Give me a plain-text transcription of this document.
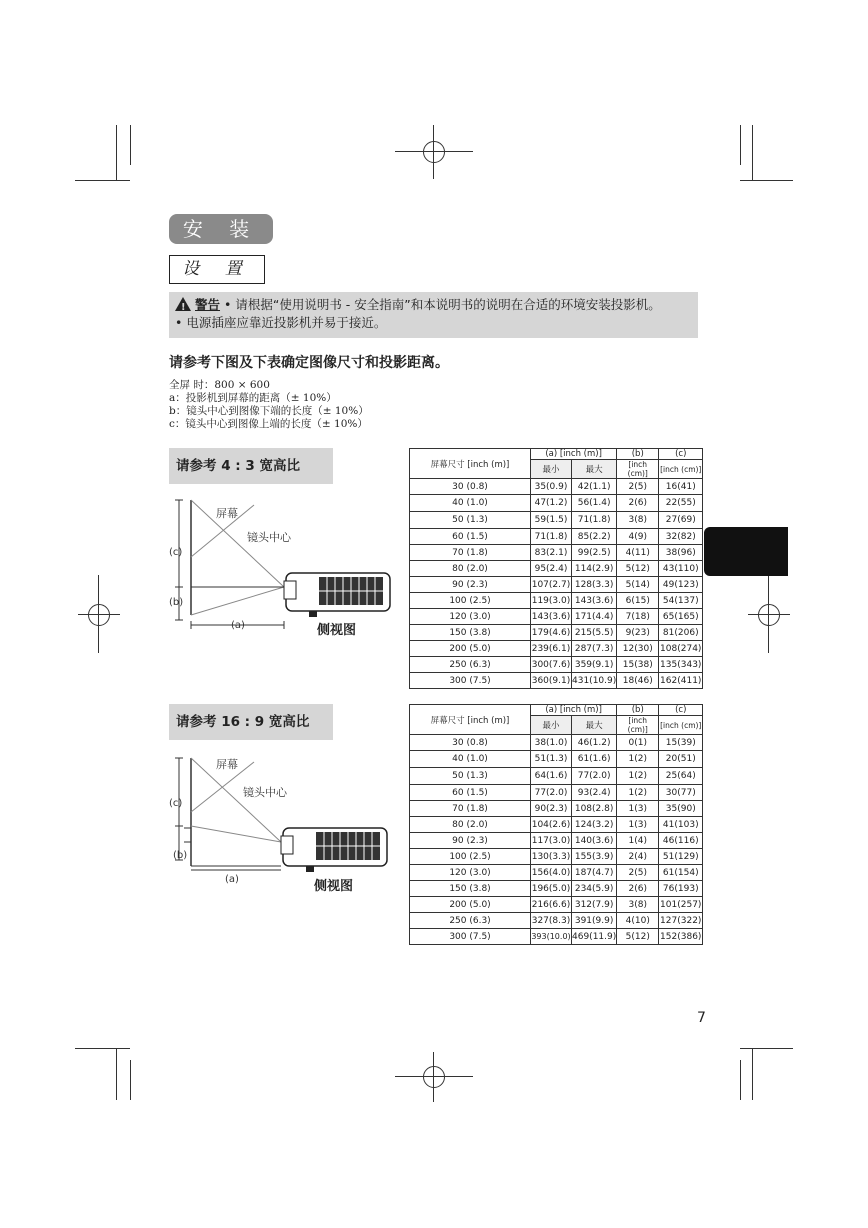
安 装
设 置
!警告 • 请根据“使用说明书 - 安全指南”和本说明书的说明在合适的环境安装投影机。
• 电源插座应靠近投影机并易于接近。
请参考下图及下表确定图像尺寸和投影距离。
全屏 时：800 × 600
a：投影机到屏幕的距离（± 10%）
b：镜头中心到图像下端的长度（± 10%）
c：镜头中心到图像上端的长度（± 10%）
请参考 4 : 3 宽高比
屏幕
镜头中心
(c)
(b)
(a)	侧视图
屏幕尺寸 [inch (m)]	(a) [inch (m)]		(b)	(c)
	最小	最大	[inch (cm)]	[inch (cm)]
30 (0.8)	35(0.9)	42(1.1)	2(5)	16(41)
40 (1.0)	47(1.2)	56(1.4)	2(6)	22(55)
50 (1.3)	59(1.5)	71(1.8)	3(8)	27(69)
60 (1.5)	71(1.8)	85(2.2)	4(9)	32(82)
70 (1.8)	83(2.1)	99(2.5)	4(11)	38(96)
80 (2.0)	95(2.4)	114(2.9)	5(12)	43(110)
90 (2.3)	107(2.7)	128(3.3)	5(14)	49(123)
100 (2.5)	119(3.0)	143(3.6)	6(15)	54(137)
120 (3.0)	143(3.6)	171(4.4)	7(18)	65(165)
150 (3.8)	179(4.6)	215(5.5)	9(23)	81(206)
200 (5.0)	239(6.1)	287(7.3)	12(30)	108(274)
250 (6.3)	300(7.6)	359(9.1)	15(38)	135(343)
300 (7.5)	360(9.1)	431(10.9)	18(46)	162(411)
请参考 16 : 9 宽高比
屏幕
镜头中心
(c)
(b)
(a)	侧视图
屏幕尺寸 [inch (m)]	(a) [inch (m)]		(b)	(c)
	最小	最大	[inch (cm)]	[inch (cm)]
30 (0.8)	38(1.0)	46(1.2)	0(1)	15(39)
40 (1.0)	51(1.3)	61(1.6)	1(2)	20(51)
50 (1.3)	64(1.6)	77(2.0)	1(2)	25(64)
60 (1.5)	77(2.0)	93(2.4)	1(2)	30(77)
70 (1.8)	90(2.3)	108(2.8)	1(3)	35(90)
80 (2.0)	104(2.6)	124(3.2)	1(3)	41(103)
90 (2.3)	117(3.0)	140(3.6)	1(4)	46(116)
100 (2.5)	130(3.3)	155(3.9)	2(4)	51(129)
120 (3.0)	156(4.0)	187(4.7)	2(5)	61(154)
150 (3.8)	196(5.0)	234(5.9)	2(6)	76(193)
200 (5.0)	216(6.6)	312(7.9)	3(8)	101(257)
250 (6.3)	327(8.3)	391(9.9)	4(10)	127(322)
300 (7.5)	393(10.0)	469(11.9)	5(12)	152(386)
7
